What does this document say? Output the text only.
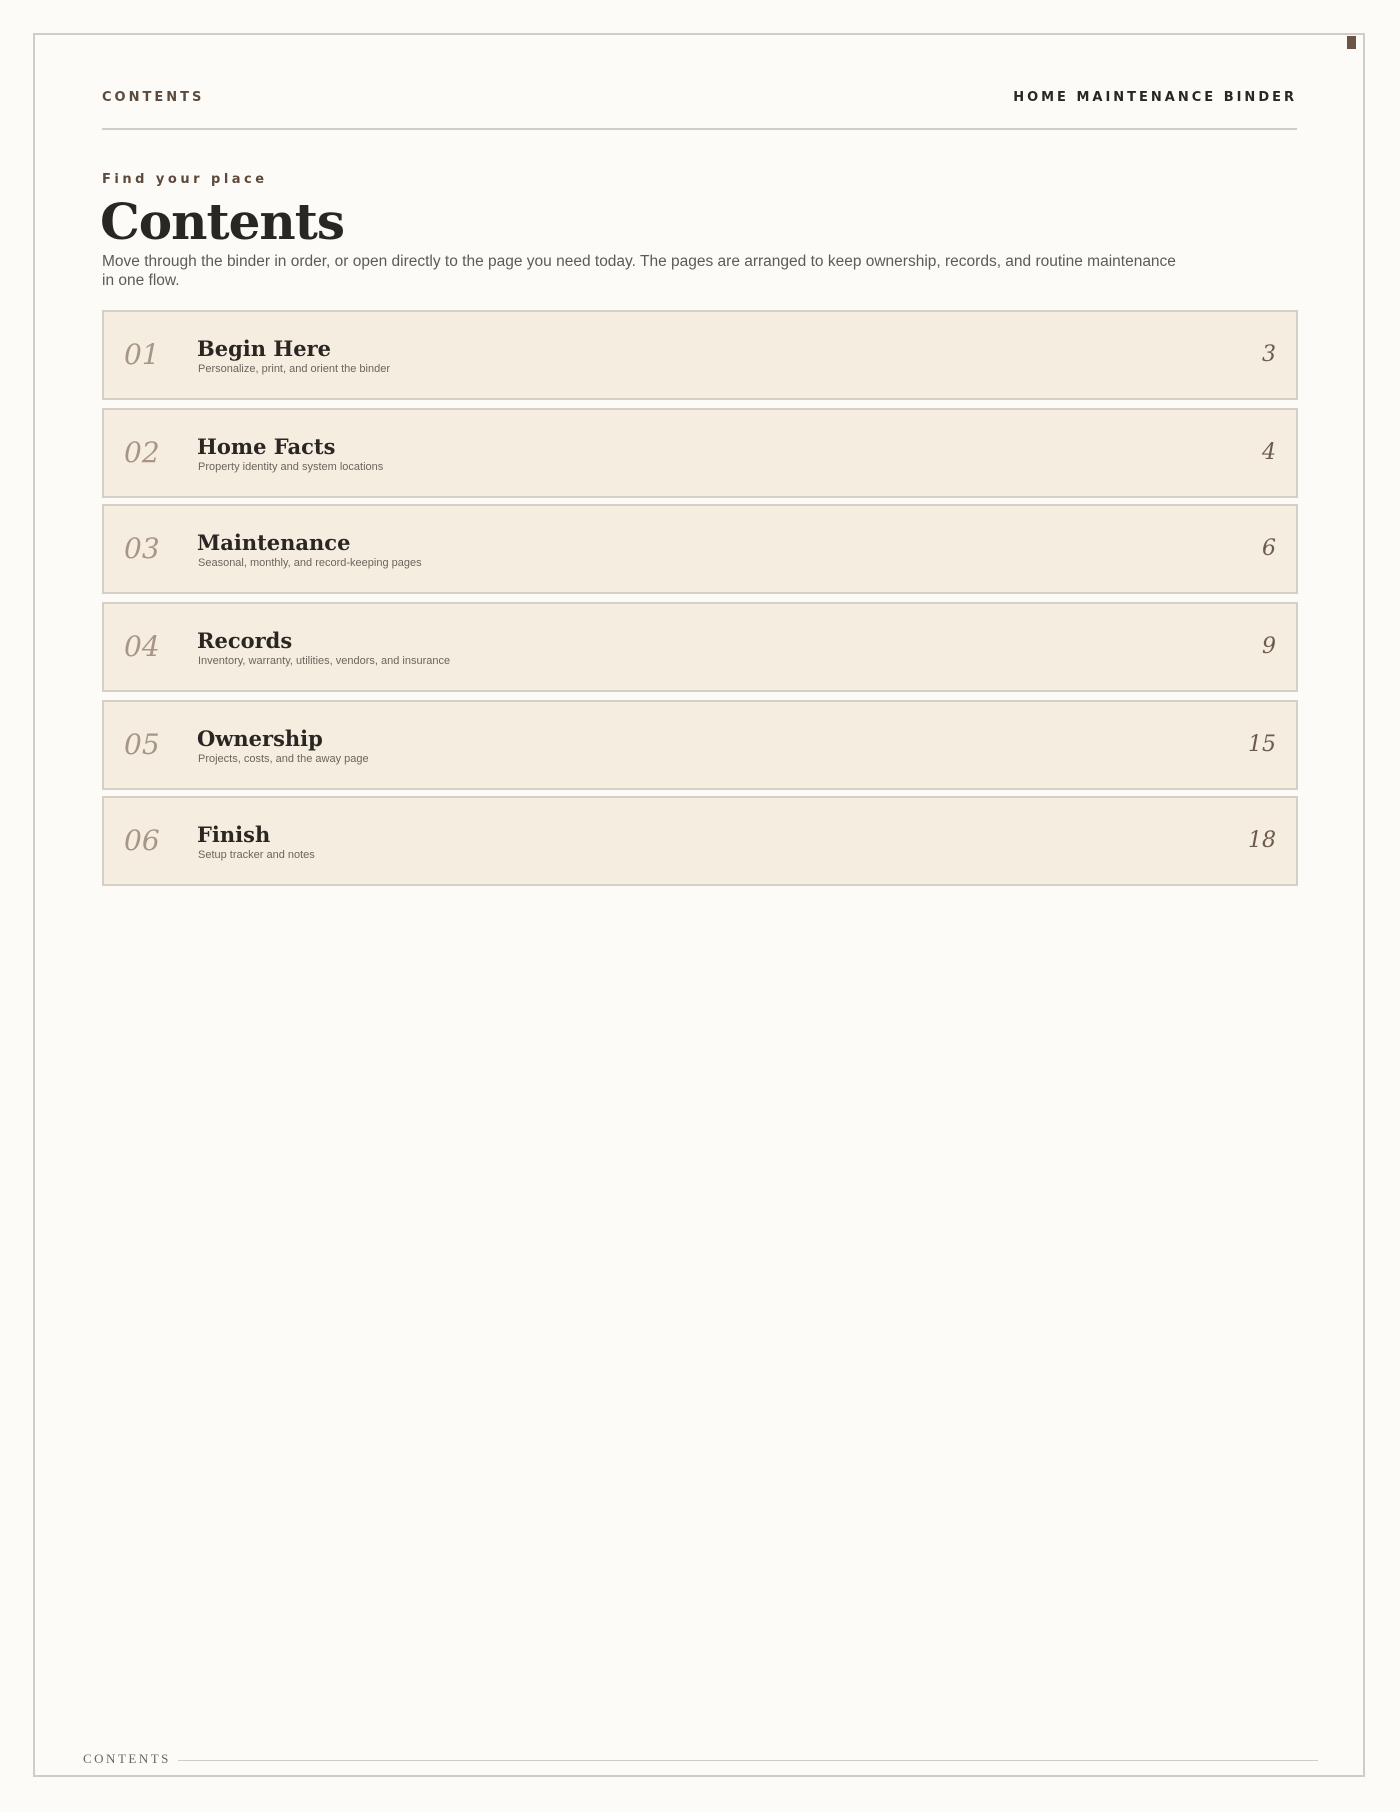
CONTENTS	HOME MAINTENANCE BINDER
Find your place
Contents

Move through the binder in order, or open directly to the page you need today. The pages are arranged to keep ownership, records, and routine maintenance in one flow.

01 Begin Here
Personalize, print, and orient the binder
3
02 Home Facts
Property identity and system locations
4
03 Maintenance
Seasonal, monthly, and record-keeping pages
6
04 Records
Inventory, warranty, utilities, vendors, and insurance
9
05 Ownership
Projects, costs, and the away page
15
06 Finish
Setup tracker and notes
18
CONTENTS
